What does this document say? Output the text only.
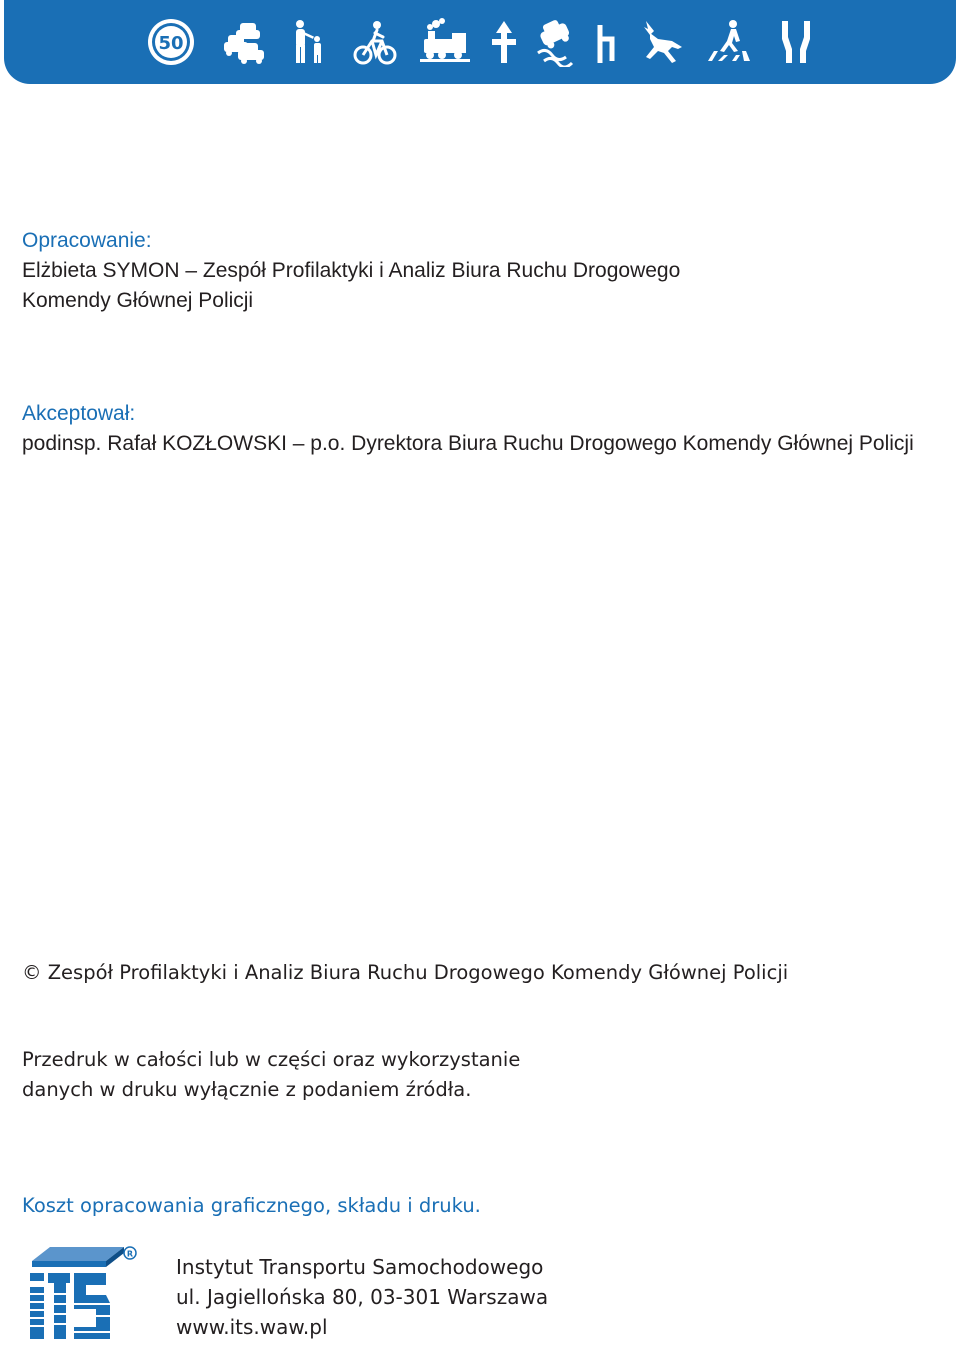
50
Opracowanie:
Elżbieta SYMON – Zespół Profilaktyki i Analiz Biura Ruchu Drogowego
Komendy Głównej Policji
Akceptował:
podinsp. Rafał KOZŁOWSKI – p.o. Dyrektora Biura Ruchu Drogowego Komendy Głównej Policji
© Zespół Profilaktyki i Analiz Biura Ruchu Drogowego Komendy Głównej Policji
Przedruk w całości lub w części oraz wykorzystanie
danych w druku wyłącznie z podaniem źródła.
Koszt opracowania graficznego, składu i druku.
R
Instytut Transportu Samochodowego
ul. Jagiellońska 80, 03-301 Warszawa
www.its.waw.pl
